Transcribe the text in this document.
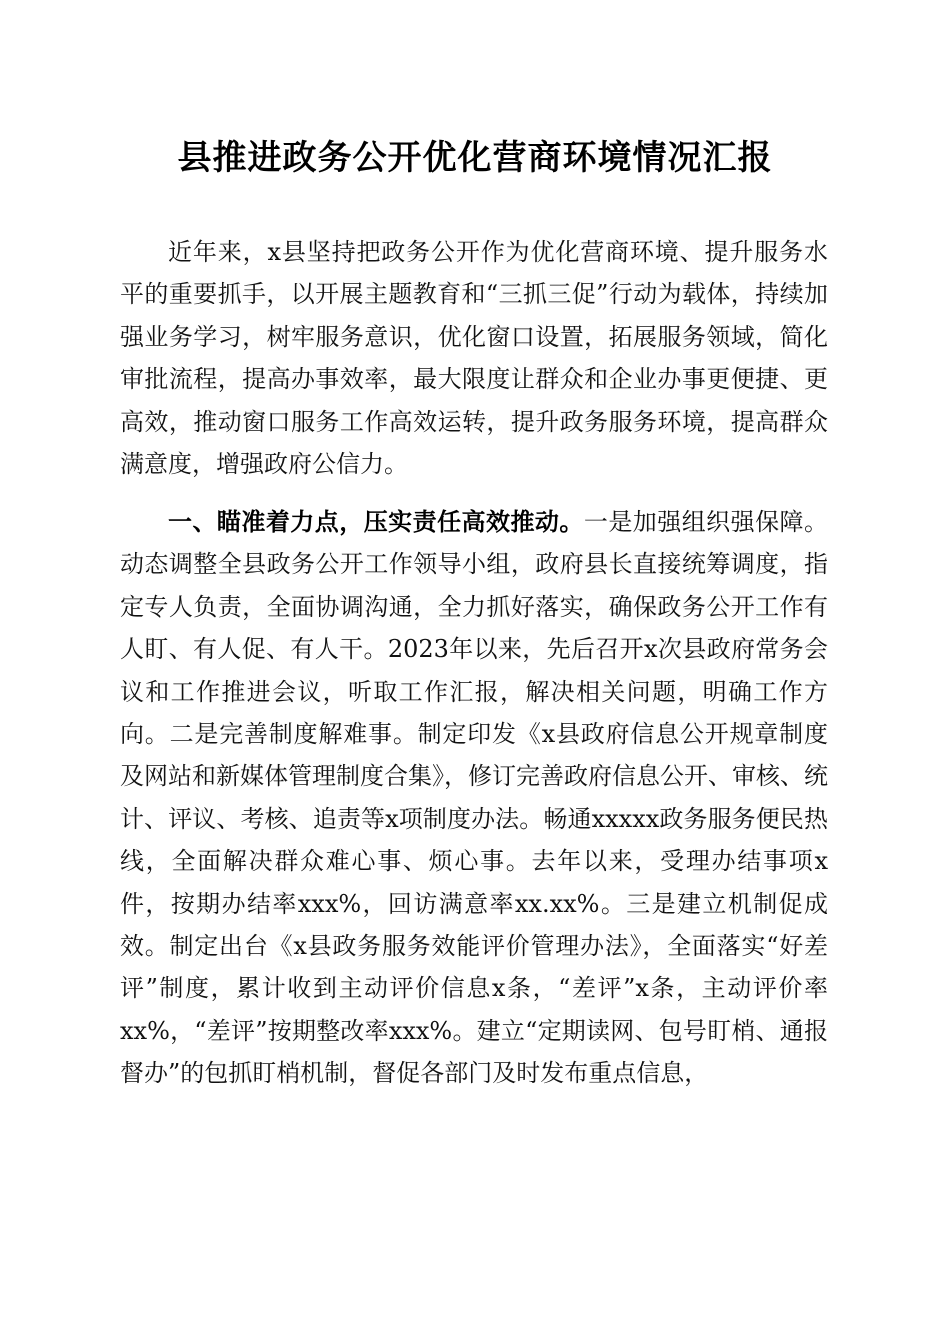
县推进政务公开优化营商环境情况汇报

近年来，x县坚持把政务公开作为优化营商环境、提升服务水平的重要抓手，以开展主题教育和“三抓三促”行动为载体，持续加强业务学习，树牢服务意识，优化窗口设置，拓展服务领域，简化审批流程，提高办事效率，最大限度让群众和企业办事更便捷、更高效，推动窗口服务工作高效运转，提升政务服务环境，提高群众满意度，增强政府公信力。

一、瞄准着力点，压实责任高效推动。一是加强组织强保障。动态调整全县政务公开工作领导小组，政府县长直接统筹调度，指定专人负责，全面协调沟通，全力抓好落实，确保政务公开工作有人盯、有人促、有人干。2023年以来，先后召开x次县政府常务会议和工作推进会议，听取工作汇报，解决相关问题，明确工作方向。二是完善制度解难事。制定印发《x县政府信息公开规章制度及网站和新媒体管理制度合集》，修订完善政府信息公开、审核、统计、评议、考核、追责等x项制度办法。畅通xxxxx政务服务便民热线，全面解决群众难心事、烦心事。去年以来，受理办结事项x件，按期办结率xxx%，回访满意率xx.xx%。三是建立机制促成效。制定出台《x县政务服务效能评价管理办法》，全面落实“好差评”制度，累计收到主动评价信息x条，“差评”x条，主动评价率xx%，“差评”按期整改率xxx%。建立“定期读网、包号盯梢、通报督办”的包抓盯梢机制，督促各部门及时发布重点信息，
